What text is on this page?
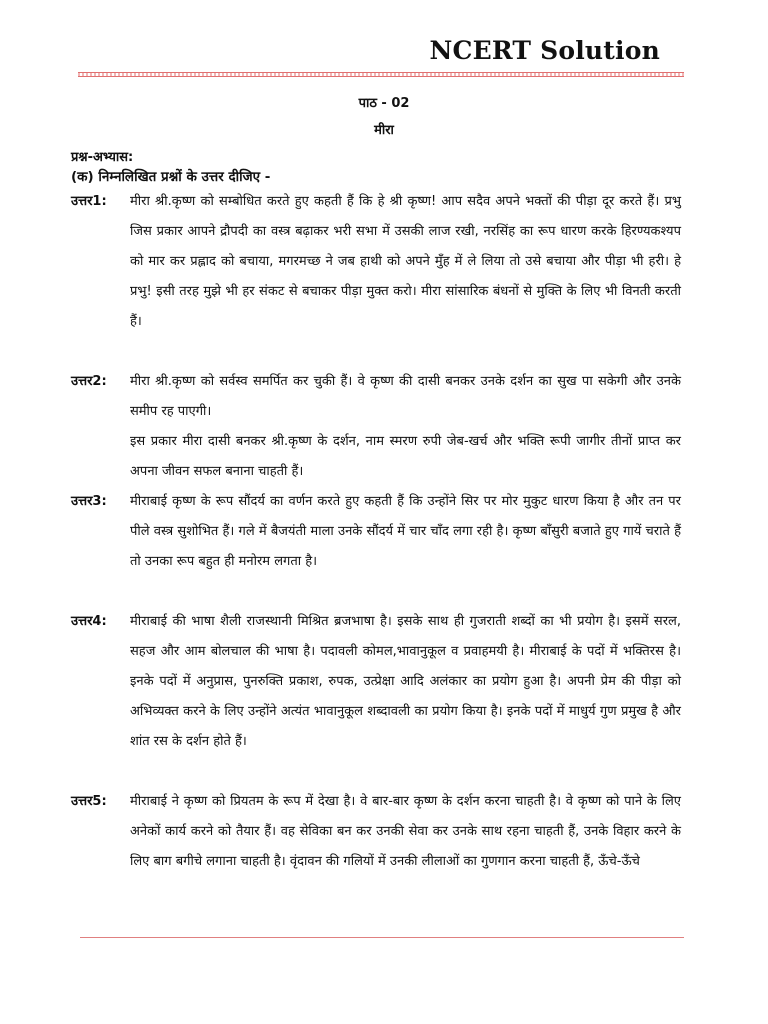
NCERT Solution
पाठ - 02
मीरा
प्रश्न-अभ्यास:
(क) निम्नलिखित प्रश्नों के उत्तर दीजिए -
उत्तर1: मीरा श्री.कृष्ण को सम्बोधित करते हुए कहती हैं कि हे श्री कृष्ण! आप सदैव अपने भक्तों की पीड़ा दूर करते हैं। प्रभु जिस प्रकार आपने द्रौपदी का वस्त्र बढ़ाकर भरी सभा में उसकी लाज रखी, नरसिंह का रूप धारण करके हिरण्यकश्यप को मार कर प्रह्लाद को बचाया, मगरमच्छ ने जब हाथी को अपने मुँह में ले लिया तो उसे बचाया और पीड़ा भी हरी। हे प्रभु! इसी तरह मुझे भी हर संकट से बचाकर पीड़ा मुक्त करो। मीरा सांसारिक बंधनों से मुक्ति के लिए भी विनती करती हैं।

उत्तर2: मीरा श्री.कृष्ण को सर्वस्व समर्पित कर चुकी हैं। वे कृष्ण की दासी बनकर उनके दर्शन का सुख पा सकेगी और उनके समीप रह पाएगी।

इस प्रकार मीरा दासी बनकर श्री.कृष्ण के दर्शन, नाम स्मरण रुपी जेब-खर्च और भक्ति रूपी जागीर तीनों प्राप्त कर अपना जीवन सफल बनाना चाहती हैं।

उत्तर3: मीराबाई कृष्ण के रूप सौंदर्य का वर्णन करते हुए कहती हैं कि उन्होंने सिर पर मोर मुकुट धारण किया है और तन पर पीले वस्त्र सुशोभित हैं। गले में बैजयंती माला उनके सौंदर्य में चार चाँद लगा रही है। कृष्ण बाँसुरी बजाते हुए गायें चराते हैं तो उनका रूप बहुत ही मनोरम लगता है।

उत्तर4: मीराबाई की भाषा शैली राजस्थानी मिश्रित ब्रजभाषा है। इसके साथ ही गुजराती शब्दों का भी प्रयोग है। इसमें सरल, सहज और आम बोलचाल की भाषा है। पदावली कोमल,भावानुकूल व प्रवाहमयी है। मीराबाई के पदों में भक्तिरस है। इनके पदों में अनुप्रास, पुनरुक्ति प्रकाश, रुपक, उत्प्रेक्षा आदि अलंकार का प्रयोग हुआ है। अपनी प्रेम की पीड़ा को अभिव्यक्त करने के लिए उन्होंने अत्यंत भावानुकूल शब्दावली का प्रयोग किया है। इनके पदों में माधुर्य गुण प्रमुख है और शांत रस के दर्शन होते हैं।

उत्तर5: मीराबाई ने कृष्ण को प्रियतम के रूप में देखा है। वे बार-बार कृष्ण के दर्शन करना चाहती है। वे कृष्ण को पाने के लिए अनेकों कार्य करने को तैयार हैं। वह सेविका बन कर उनकी सेवा कर उनके साथ रहना चाहती हैं, उनके विहार करने के लिए बाग बगीचे लगाना चाहती है। वृंदावन की गलियों में उनकी लीलाओं का गुणगान करना चाहती हैं, ऊँचे-ऊँचे
